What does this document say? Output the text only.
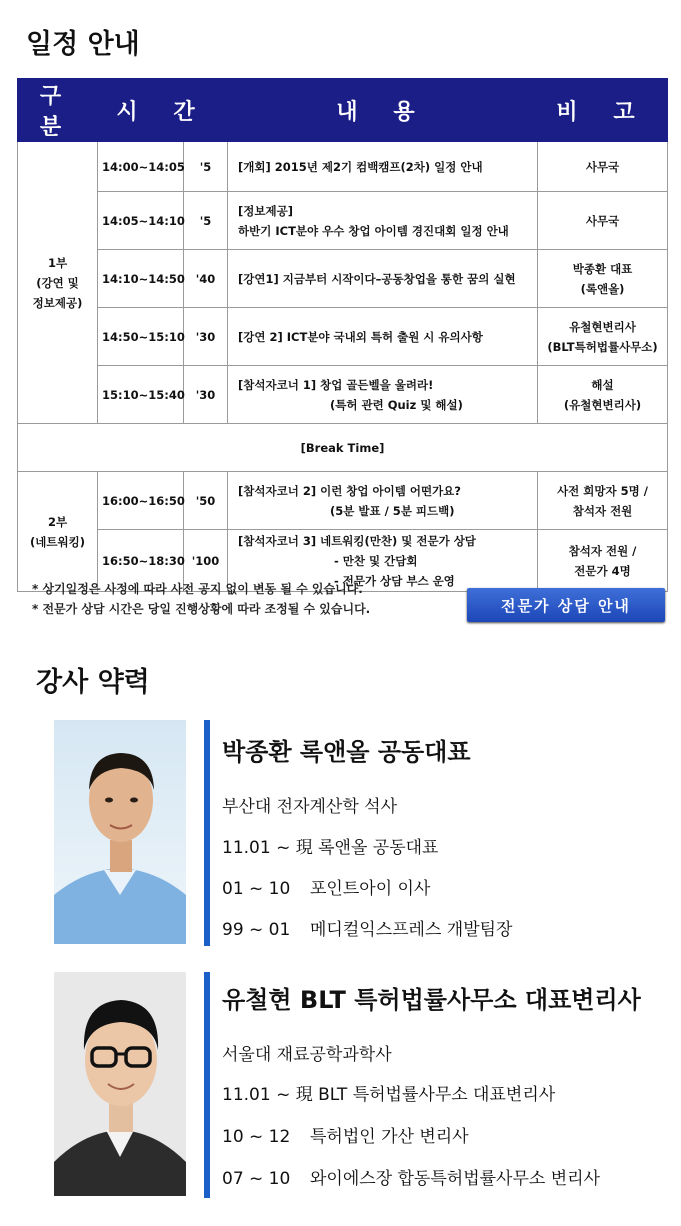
일정 안내
구 분	시 간		내 용	비 고

1부
(강연 및
정보제공)	14:00~14:05	'5	[개회] 2015년 제2기 컴백캠프(2차) 일정 안내	사무국

	14:05~14:10	'5	[정보제공]
하반기 ICT분야 우수 창업 아이템 경진대회 일정 안내	사무국

	14:10~14:50	'40	[강연1] 지금부터 시작이다–공동창업을 통한 꿈의 실현	박종환 대표
(록앤올)

	14:50~15:10	'30	[강연 2] ICT분야 국내외 특허 출원 시 유의사항	유철현변리사
(BLT특허법률사무소)

	15:10~15:40	'30	[참석자코너 1] 창업 골든벨을 울려라!
(특허 관련 Quiz 및 해설)	해설
(유철현변리사)

[Break Time]				

2부
(네트워킹)	16:00~16:50	'50	[참석자코너 2] 이런 창업 아이템 어떤가요?
(5분 발표 / 5분 피드백)	사전 희망자 5명 /
참석자 전원

	16:50~18:30	'100	[참석자코너 3] 네트워킹(만찬) 및 전문가 상담
- 만찬 및 간담회
- 전문가 상담 부스 운영	참석자 전원 /
전문가 4명
* 상기일정은 사정에 따라 사전 공지 없이 변동 될 수 있습니다.
* 전문가 상담 시간은 당일 진행상황에 따라 조정될 수 있습니다.	전문가 상담 안내
강사 약력
박종환 록앤올 공동대표
부산대 전자계산학 석사
11.01 ~ 現 록앤올 공동대표
01 ~ 10 포인트아이 이사
99 ~ 01 메디컬익스프레스 개발팀장
유철현 BLT 특허법률사무소 대표변리사
서울대 재료공학과학사
11.01 ~ 現 BLT 특허법률사무소 대표변리사
10 ~ 12 특허법인 가산 변리사
07 ~ 10 와이에스장 합동특허법률사무소 변리사
